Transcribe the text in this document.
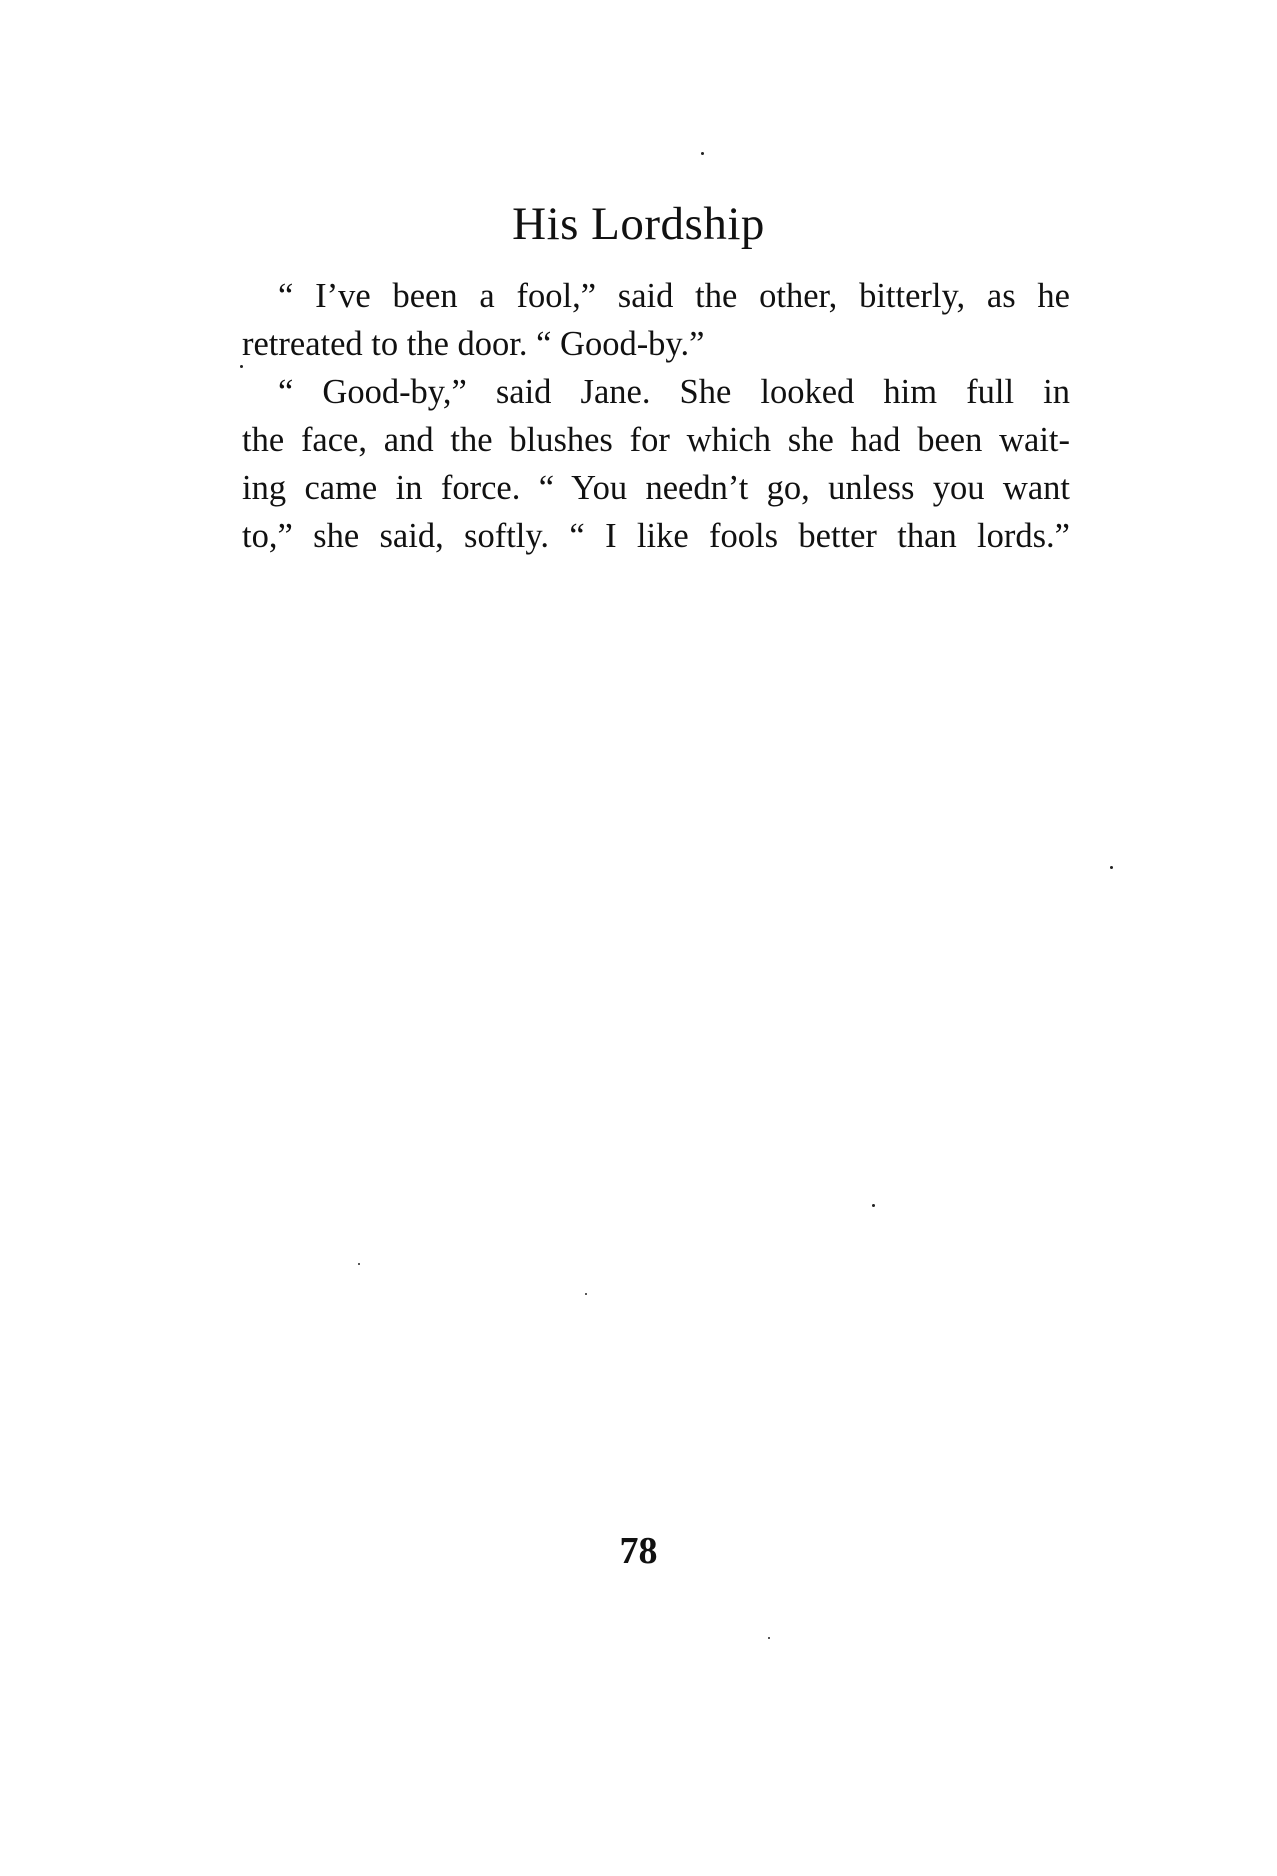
His Lordship

“ I’ve been a fool,” said the other, bitterly, as he
retreated to the door. “ Good-by.”

“ Good-by,” said Jane. She looked him full in
the face, and the blushes for which she had been wait-
ing came in force. “ You needn’t go, unless you want
to,” she said, softly. “ I like fools better than lords.”

78
